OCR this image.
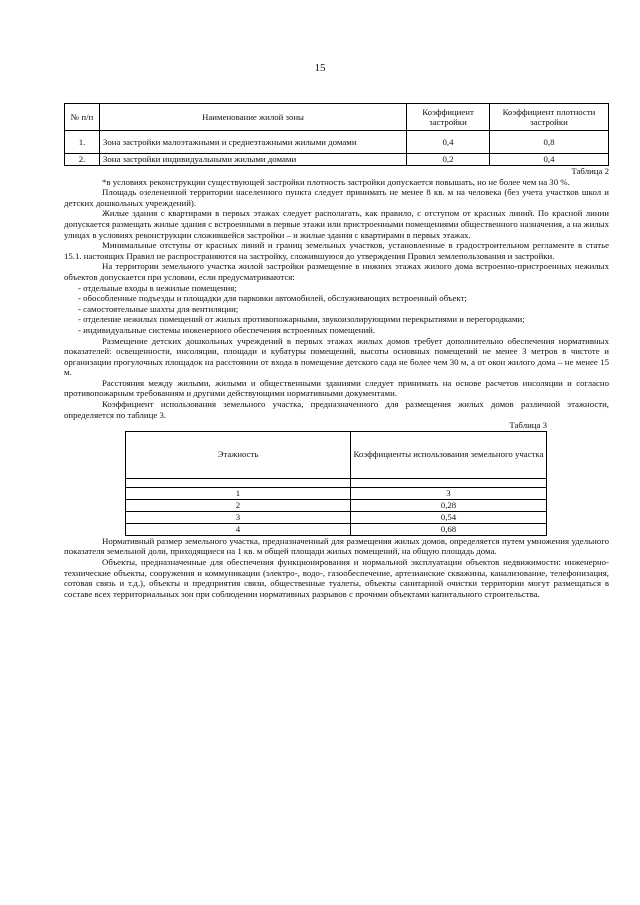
15
№ п/п	Наименование жилой зоны	Коэффициент застройки	Коэффициент плотности застройки
1.	Зона застройки малоэтажными и среднеэтажными жилыми домами	0,4	0,8
2.	Зона застройки индивидуальными жилыми домами	0,2	0,4

Таблица 2

*в условиях реконструкции существующей застройки плотность застройки допускается повышать, но не более чем на 30 %.

Площадь озелененной территории населенного пункта следует принимать не менее 8 кв. м на человека (без учета участков школ и детских дошкольных учреждений).

Жилые здания с квартирами в первых этажах следует располагать, как правило, с отступом от красных линий. По красной линии допускается размещать жилые здания с встроенными в первые этажи или пристроенными помещениями общественного назначения, а на жилых улицах в условиях реконструкции сложившейся застройки – и жилые здания с квартирами в первых этажах.

Минимальные отступы от красных линий и границ земельных участков, установленные в градостроительном регламенте в статье 15.1. настоящих Правил не распространяются на застройку, сложившуюся до утверждения Правил землепользования и застройки.

На территории земельного участка жилой застройки размещение в нижних этажах жилого дома встроенно-пристроенных нежилых объектов допускается при условии, если предусматриваются:

- отдельные входы в нежилые помещения;
- обособленные подъезды и площадки для парковки автомобилей, обслуживающих встроенный объект;
- самостоятельные шахты для вентиляции;
- отделение нежилых помещений от жилых противопожарными, звукоизолирующими перекрытиями и перегородками;
- индивидуальные системы инженерного обеспечения встроенных помещений.

Размещение детских дошкольных учреждений в первых этажах жилых домов требует дополнительно обеспечения нормативных показателей: освещенности, инсоляции, площади и кубатуры помещений, высоты основных помещений не менее 3 метров в чистоте и организации прогулочных площадок на расстоянии от входа в помещение детского сада не более чем 30 м, а от окон жилого дома – не менее 15 м.

Расстояния между жилыми, жилыми и общественными зданиями следует принимать на основе расчетов инсоляции и согласно противопожарным требованиям и другими действующими нормативными документами.

Коэффициент использования земельного участка, предназначенного для размещения жилых домов различной этажности, определяется по таблице 3.

Таблица 3

Этажность	Коэффициенты использования земельного участка

1	3
2	0,28
3	0,54
4	0,68

Нормативный размер земельного участка, предназначенный для размещения жилых домов, определяется путем умножения удельного показателя земельной доли, приходящиеся на 1 кв. м общей площади жилых помещений, на общую площадь дома.

Объекты, предназначенные для обеспечения функционирования и нормальной эксплуатации объектов недвижимости: инженерно-технические объекты, сооружения и коммуникации (электро-, водо-, газообеспечение, артезианские скважины, канализование, телефонизация, сотовая связь и т.д.), объекты и предприятия связи, общественные туалеты, объекты санитарной очистки территории могут размещаться в составе всех территориальных зон при соблюдении нормативных разрывов с прочими объектами капитального строительства.
